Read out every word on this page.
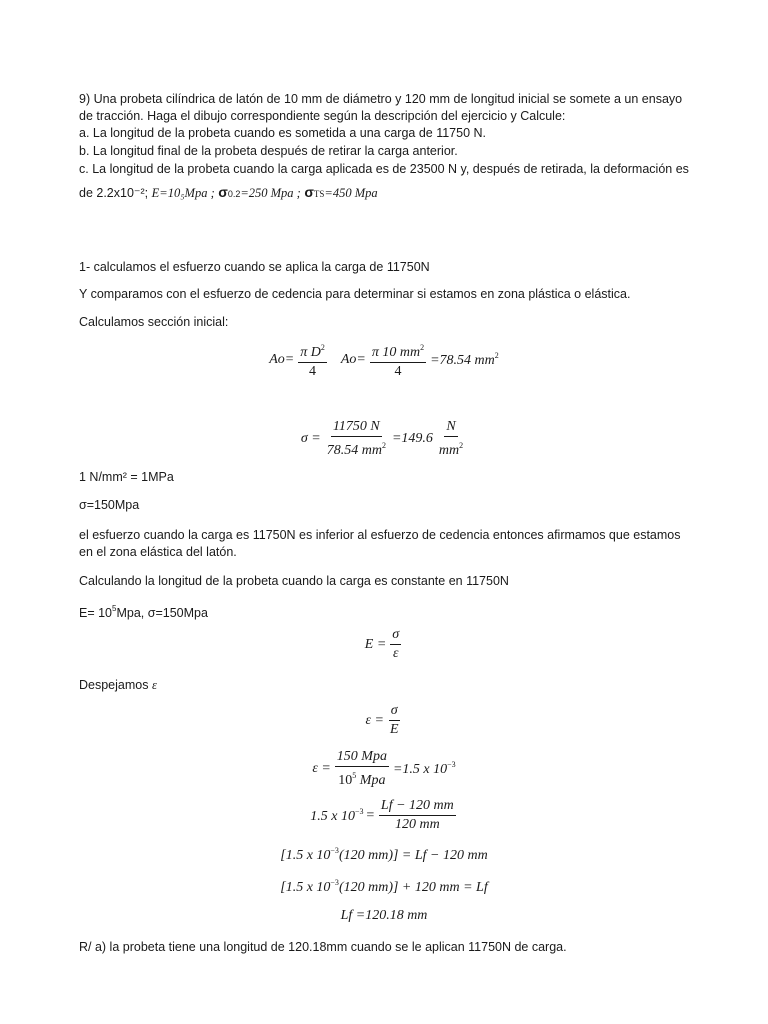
9) Una probeta cilíndrica de latón de 10 mm de diámetro y 120 mm de longitud inicial se somete a un ensayo
de tracción. Haga el dibujo correspondiente según la descripción del ejercicio y Calcule:
a. La longitud de la probeta cuando es sometida a una carga de 11750 N.
b. La longitud final de la probeta después de retirar la carga anterior.
c. La longitud de la probeta cuando la carga aplicada es de 23500 N y, después de retirada, la deformación es
de 2.2x10⁻²; E=10₅Mpa ; σ0.2=250 Mpa ; σTS=450 Mpa
1- calculamos el esfuerzo cuando se aplica la carga de 11750N
Y comparamos con el esfuerzo de cedencia para determinar si estamos en zona plástica o elástica.
Calculamos sección inicial:
$Ao= \frac{\pi D^2}{4} Ao= \frac{\pi 10 mm^2}{4} =78.54$ $mm^2$
$\sigma = \frac{11750 N}{78.54 mm^2} =149.6 \frac{N}{mm^2}$
1 N/mm² = 1MPa
σ=150Mpa
el esfuerzo cuando la carga es 11750N es inferior al esfuerzo de cedencia entonces afirmamos que estamos
en el zona elástica del latón.
Calculando la longitud de la probeta cuando la carga es constante en 11750N
$E= 10^5Mpa$, σ=150Mpa
$E = \frac{\sigma}{\varepsilon}$
Despejamos ε
$\varepsilon = \frac{\sigma}{E}$
$\varepsilon = \frac{\text{150 Mpa}}{10^5 Mpa} =1.5$ x $10^{-3}$
1.5 x $10^{-3} = \frac{Lf - 120 mm}{120 mm}$
[1.5 x $10^{-3}(120$ mm)] = Lf − 120 mm
[1.5 x $10^{-3}(120$ mm)] + 120 mm = Lf
Lf =120.18 mm
R/ a) la probeta tiene una longitud de 120.18mm cuando se le aplican 11750N de carga.
